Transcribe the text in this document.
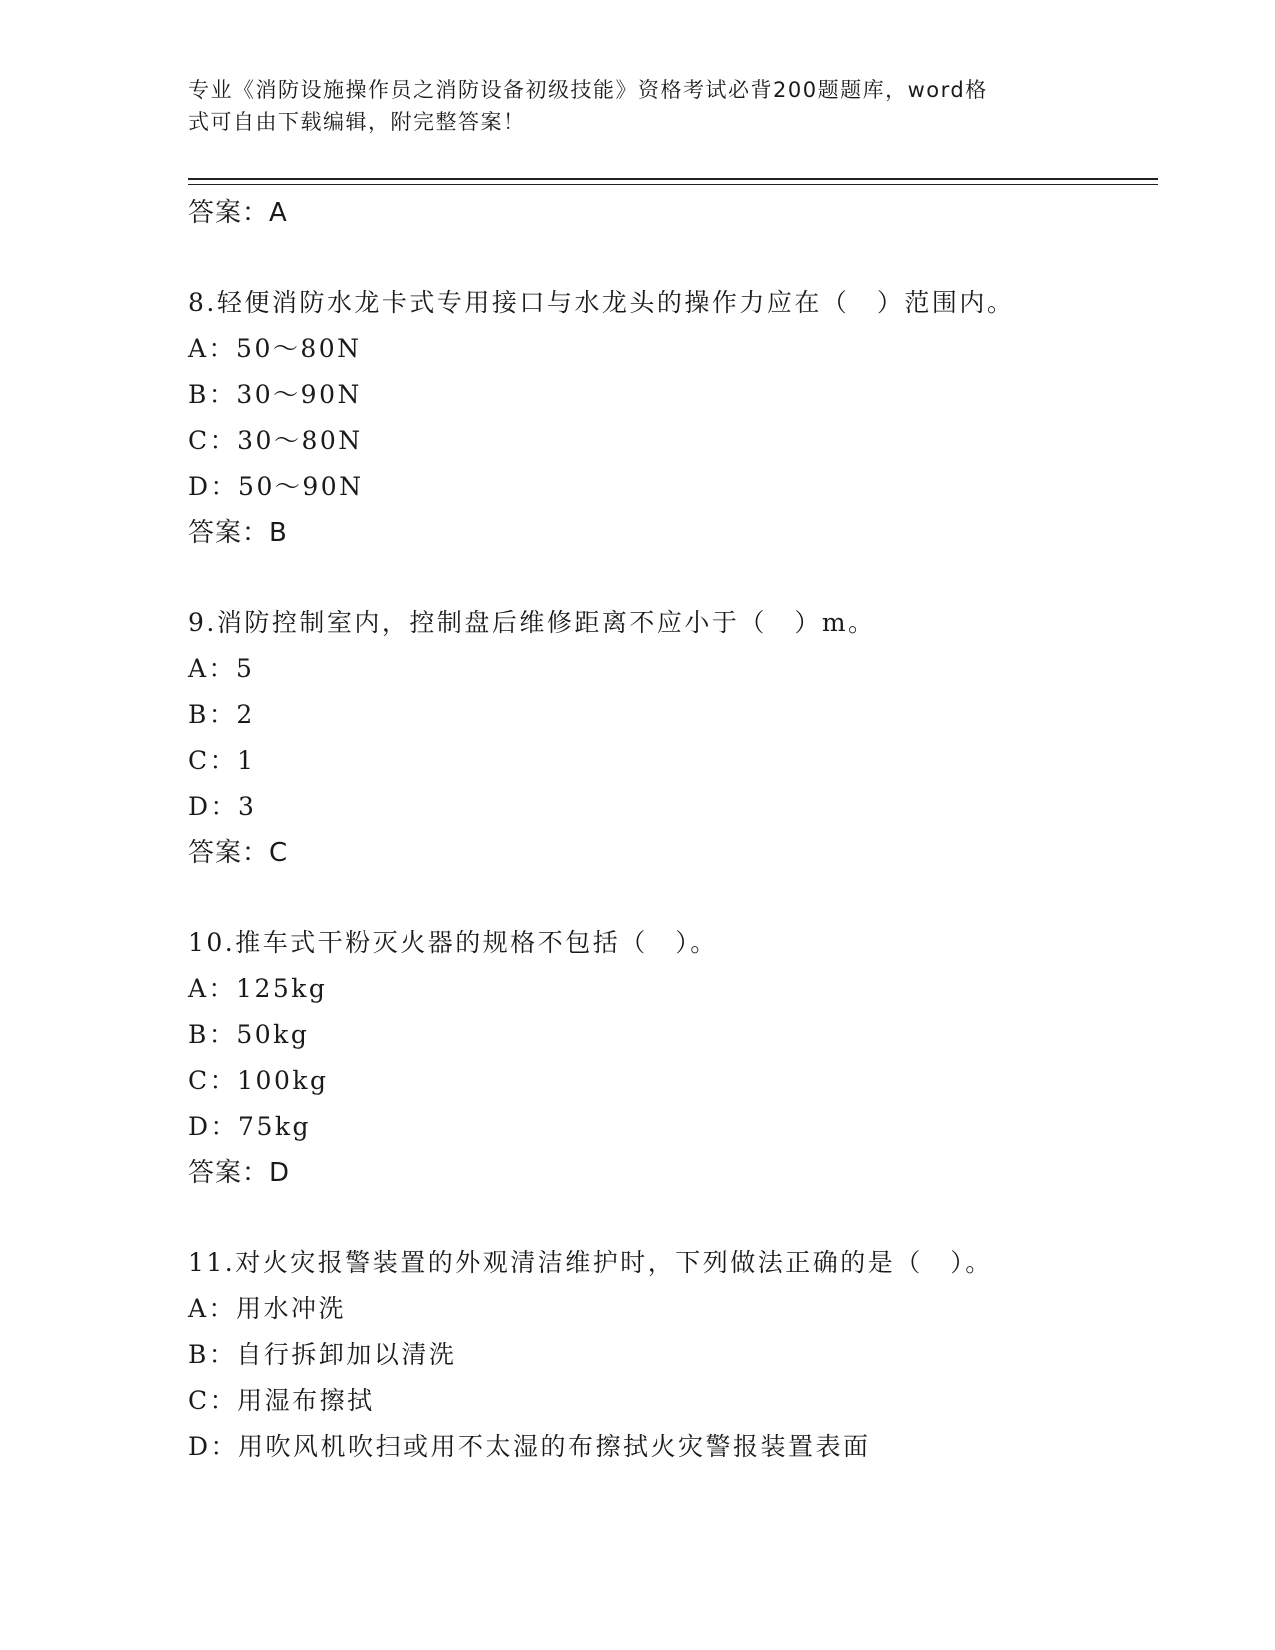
专业《消防设施操作员之消防设备初级技能》资格考试必背200题题库，word格
式可自由下载编辑，附完整答案！
答案：A
8.轻便消防水龙卡式专用接口与水龙头的操作力应在（　）范围内。
A：50～80N
B：30～90N
C：30～80N
D：50～90N
答案：B
9.消防控制室内，控制盘后维修距离不应小于（　）m。
A：5
B：2
C：1
D：3
答案：C
10.推车式干粉灭火器的规格不包括（　）。
A：125kg
B：50kg
C：100kg
D：75kg
答案：D
11.对火灾报警装置的外观清洁维护时，下列做法正确的是（　）。
A：用水冲洗
B：自行拆卸加以清洗
C：用湿布擦拭
D：用吹风机吹扫或用不太湿的布擦拭火灾警报装置表面
